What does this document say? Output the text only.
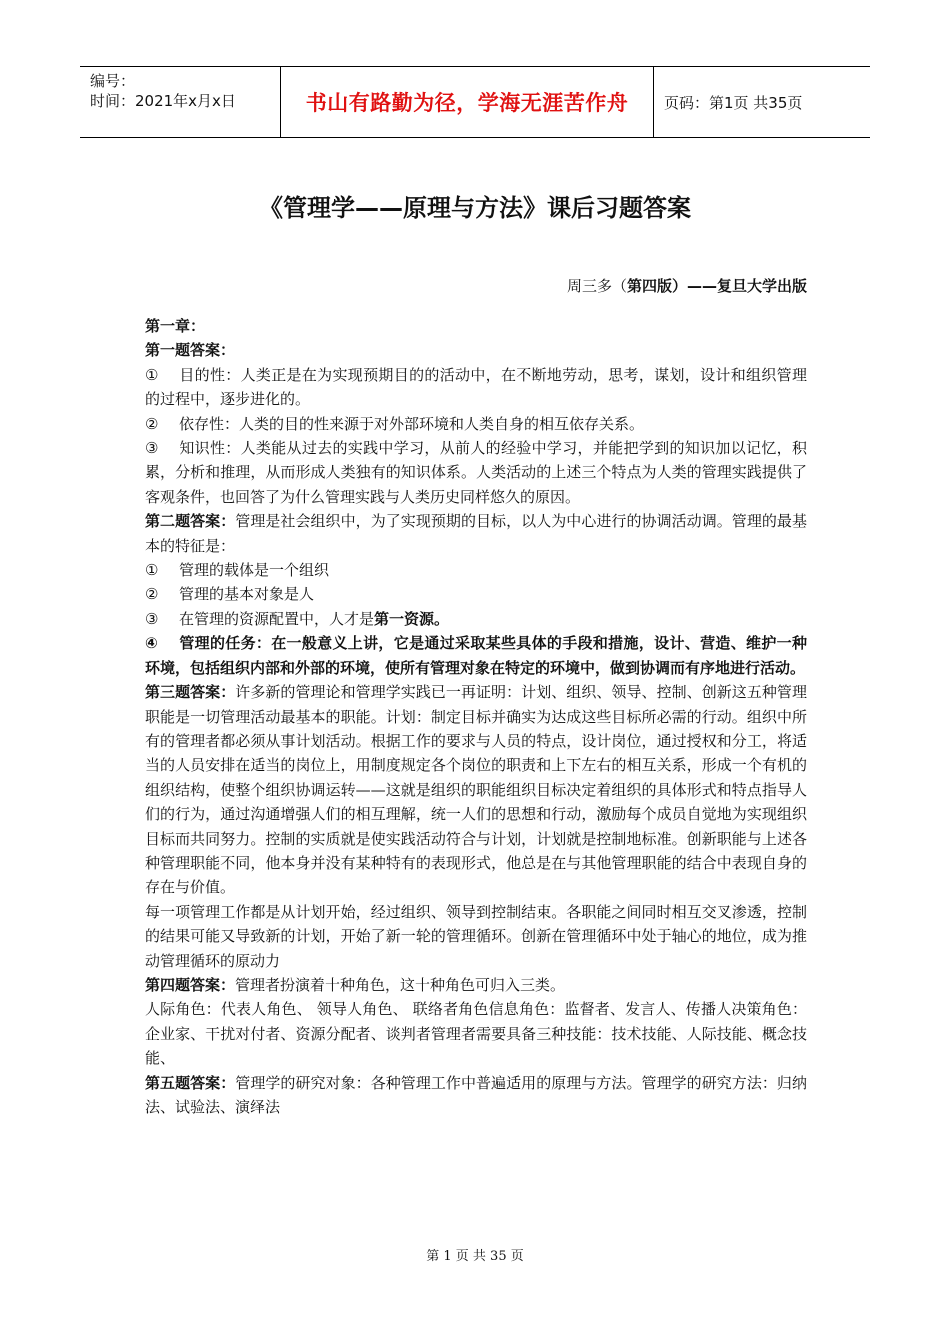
编号：
时间：2021年x月x日	书山有路勤为径，学海无涯苦作舟	页码：第1页 共35页
《管理学——原理与方法》课后习题答案
周三多（第四版）——复旦大学出版

第一章：

第一题答案：

① 目的性：人类正是在为实现预期目的的活动中，在不断地劳动，思考，谋划，设计和组织管理的过程中，逐步进化的。

② 依存性：人类的目的性来源于对外部环境和人类自身的相互依存关系。

③ 知识性：人类能从过去的实践中学习，从前人的经验中学习，并能把学到的知识加以记忆，积累，分析和推理，从而形成人类独有的知识体系。人类活动的上述三个特点为人类的管理实践提供了客观条件，也回答了为什么管理实践与人类历史同样悠久的原因。

第二题答案：管理是社会组织中，为了实现预期的目标，以人为中心进行的协调活动调。管理的最基本的特征是：

① 管理的载体是一个组织

② 管理的基本对象是人

③ 在管理的资源配置中，人才是第一资源。

④ 管理的任务：在一般意义上讲，它是通过采取某些具体的手段和措施，设计、营造、维护一种环境，包括组织内部和外部的环境，使所有管理对象在特定的环境中，做到协调而有序地进行活动。

第三题答案：许多新的管理论和管理学实践已一再证明：计划、组织、领导、控制、创新这五种管理职能是一切管理活动最基本的职能。计划：制定目标并确实为达成这些目标所必需的行动。组织中所有的管理者都必须从事计划活动。根据工作的要求与人员的特点，设计岗位，通过授权和分工，将适当的人员安排在适当的岗位上，用制度规定各个岗位的职责和上下左右的相互关系，形成一个有机的组织结构，使整个组织协调运转——这就是组织的职能组织目标决定着组织的具体形式和特点指导人们的行为，通过沟通增强人们的相互理解，统一人们的思想和行动，激励每个成员自觉地为实现组织目标而共同努力。控制的实质就是使实践活动符合与计划，计划就是控制地标准。创新职能与上述各种管理职能不同，他本身并没有某种特有的表现形式，他总是在与其他管理职能的结合中表现自身的存在与价值。

每一项管理工作都是从计划开始，经过组织、领导到控制结束。各职能之间同时相互交叉渗透，控制的结果可能又导致新的计划，开始了新一轮的管理循环。创新在管理循环中处于轴心的地位，成为推动管理循环的原动力

第四题答案：管理者扮演着十种角色，这十种角色可归入三类。

人际角色：代表人角色、 领导人角色、 联络者角色信息角色：监督者、发言人、传播人决策角色：企业家、干扰对付者、资源分配者、谈判者管理者需要具备三种技能：技术技能、人际技能、概念技能、

第五题答案：管理学的研究对象：各种管理工作中普遍适用的原理与方法。管理学的研究方法：归纳法、试验法、演绎法

第 1 页 共 35 页
